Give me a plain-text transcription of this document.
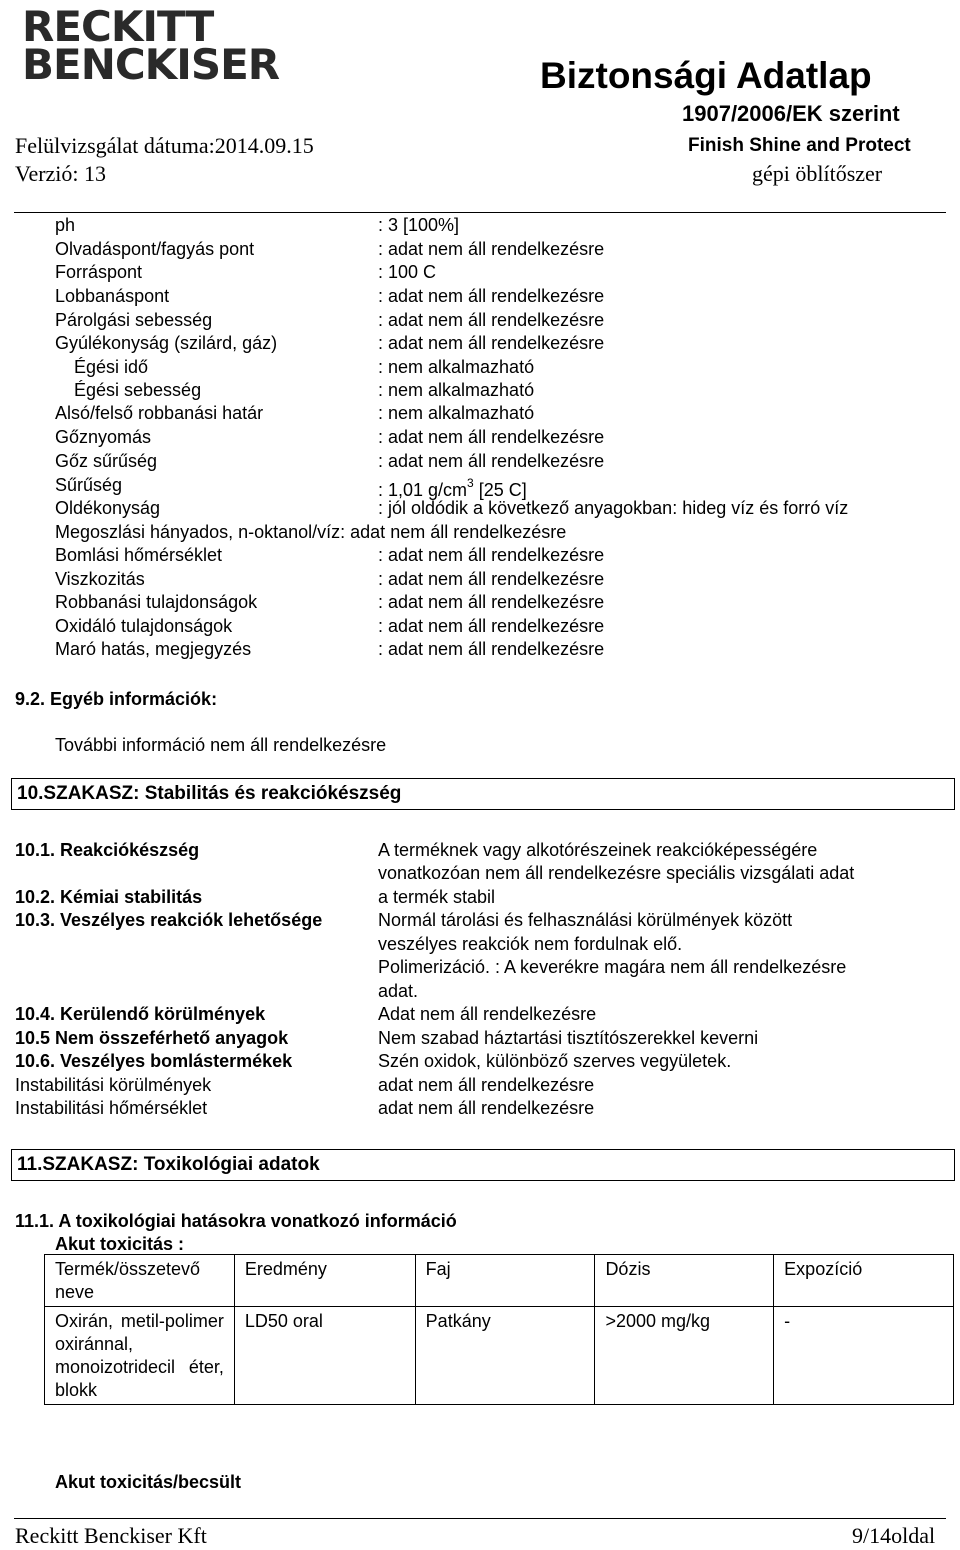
RECKITT
BENCKISER	Biztonsági Adatlap
1907/2006/EK szerint
Felülvizsgálat dátuma:2014.09.15	Finish Shine and Protect
Verzió: 13	gépi öblítőszer
ph	: 3 [100%]
Olvadáspont/fagyás pont	: adat nem áll rendelkezésre
Forráspont	: 100 C
Lobbanáspont	: adat nem áll rendelkezésre
Párolgási sebesség	: adat nem áll rendelkezésre
Gyúlékonyság (szilárd, gáz)	: adat nem áll rendelkezésre
Égési idő	: nem alkalmazható
Égési sebesség	: nem alkalmazható
Alsó/felső robbanási határ	: nem alkalmazható
Gőznyomás	: adat nem áll rendelkezésre
Gőz sűrűség	: adat nem áll rendelkezésre
Sűrűség	: 1,01 $g/cm^3$ [25 C]
Oldékonyság	: jól oldódik a következő anyagokban: hideg víz és forró víz
Megoszlási hányados, n-oktanol/víz: adat nem áll rendelkezésre
Bomlási hőmérséklet	: adat nem áll rendelkezésre
Viszkozitás	: adat nem áll rendelkezésre
Robbanási tulajdonságok	: adat nem áll rendelkezésre
Oxidáló tulajdonságok	: adat nem áll rendelkezésre
Maró hatás, megjegyzés	: adat nem áll rendelkezésre
9.2. Egyéb információk:
További információ nem áll rendelkezésre
10.SZAKASZ: Stabilitás és reakciókészség
10.1. Reakciókészség	A terméknek vagy alkotórészeinek reakcióképességére
vonatkozóan nem áll rendelkezésre speciális vizsgálati adat
10.2. Kémiai stabilitás	a termék stabil
10.3. Veszélyes reakciók lehetősége	Normál tárolási és felhasználási körülmények között
veszélyes reakciók nem fordulnak elő.
Polimerizáció. : A keverékre magára nem áll rendelkezésre
adat.
10.4. Kerülendő körülmények	Adat nem áll rendelkezésre
10.5 Nem összeférhető anyagok	Nem szabad háztartási tisztítószerekkel keverni
10.6. Veszélyes bomlástermékek	Szén oxidok, különböző szerves vegyületek.
Instabilitási körülmények	adat nem áll rendelkezésre
Instabilitási hőmérséklet	adat nem áll rendelkezésre
11.SZAKASZ: Toxikológiai adatok
11.1. A toxikológiai hatásokra vonatkozó információ
Akut toxicitás :
Termék/összetevő neve	Eredmény	Faj	Dózis	Expozíció
Oxirán, metil-polimer oxiránnal, monoizotridecil éter, blokk	LD50 oral	Patkány	>2000 mg/kg	-
Akut toxicitás/becsült
Reckitt Benckiser Kft	9/14oldal
